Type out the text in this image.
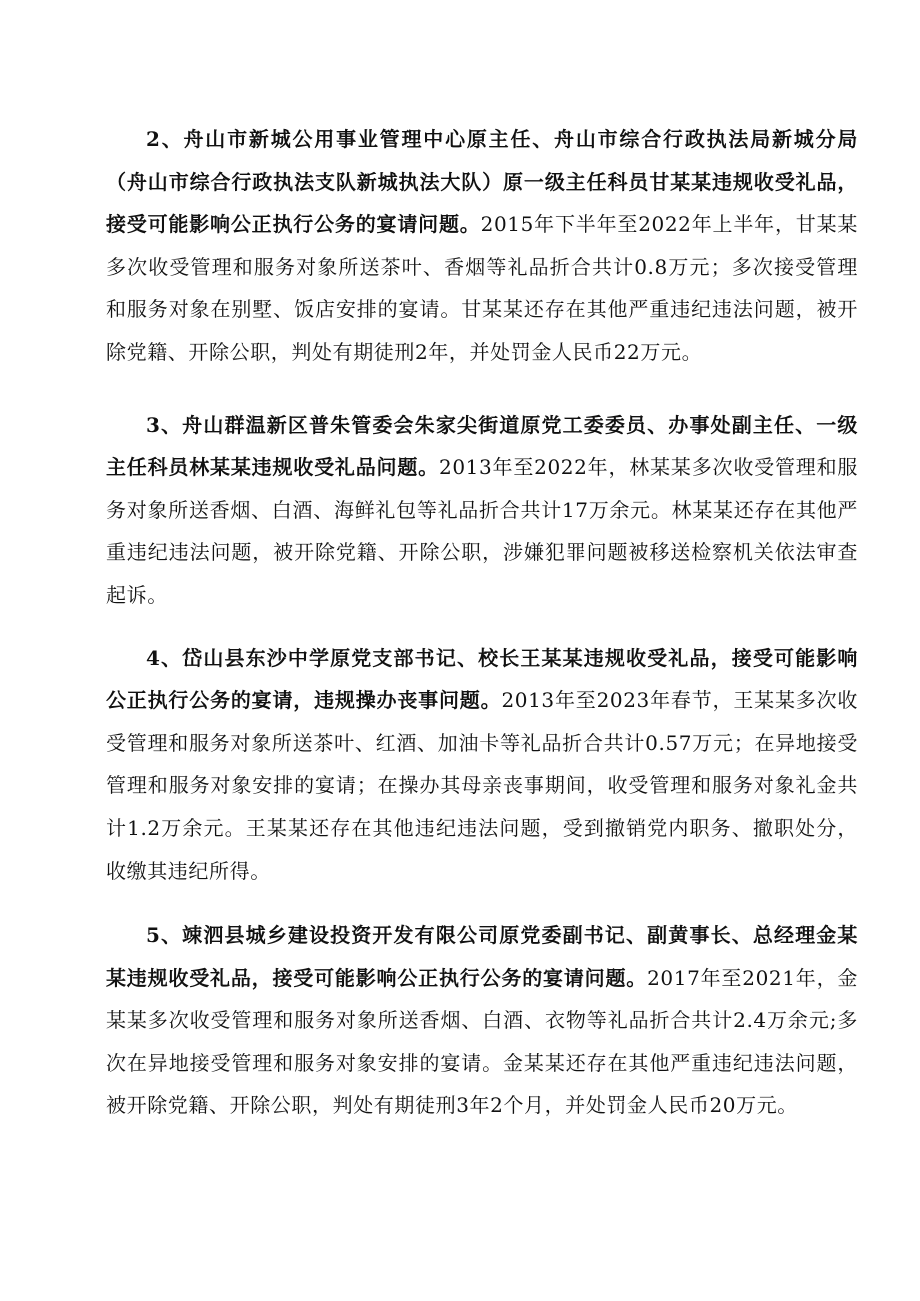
2、舟山市新城公用事业管理中心原主任、舟山市综合行政执法局新城分局（舟山市综合行政执法支队新城执法大队）原一级主任科员甘某某违规收受礼品，接受可能影响公正执行公务的宴请问题。2015年下半年至2022年上半年，甘某某多次收受管理和服务对象所送茶叶、香烟等礼品折合共计0.8万元；多次接受管理和服务对象在别墅、饭店安排的宴请。甘某某还存在其他严重违纪违法问题，被开除党籍、开除公职，判处有期徒刑2年，并处罚金人民币22万元。

3、舟山群温新区普朱管委会朱家尖街道原党工委委员、办事处副主任、一级主任科员林某某违规收受礼品问题。2013年至2022年，林某某多次收受管理和服务对象所送香烟、白酒、海鲜礼包等礼品折合共计17万余元。林某某还存在其他严重违纪违法问题，被开除党籍、开除公职，涉嫌犯罪问题被移送检察机关依法审查起诉。

4、岱山县东沙中学原党支部书记、校长王某某违规收受礼品，接受可能影响公正执行公务的宴请，违规操办丧事问题。2013年至2023年春节，王某某多次收受管理和服务对象所送茶叶、红酒、加油卡等礼品折合共计0.57万元；在异地接受管理和服务对象安排的宴请；在操办其母亲丧事期间，收受管理和服务对象礼金共计1.2万余元。王某某还存在其他违纪违法问题，受到撤销党内职务、撤职处分，收缴其违纪所得。

5、竦泗县城乡建设投资开发有限公司原党委副书记、副黄事长、总经理金某某违规收受礼品，接受可能影响公正执行公务的宴请问题。2017年至2021年，金某某多次收受管理和服务对象所送香烟、白酒、衣物等礼品折合共计2.4万余元;多次在异地接受管理和服务对象安排的宴请。金某某还存在其他严重违纪违法问题，被开除党籍、开除公职，判处有期徒刑3年2个月，并处罚金人民币20万元。
